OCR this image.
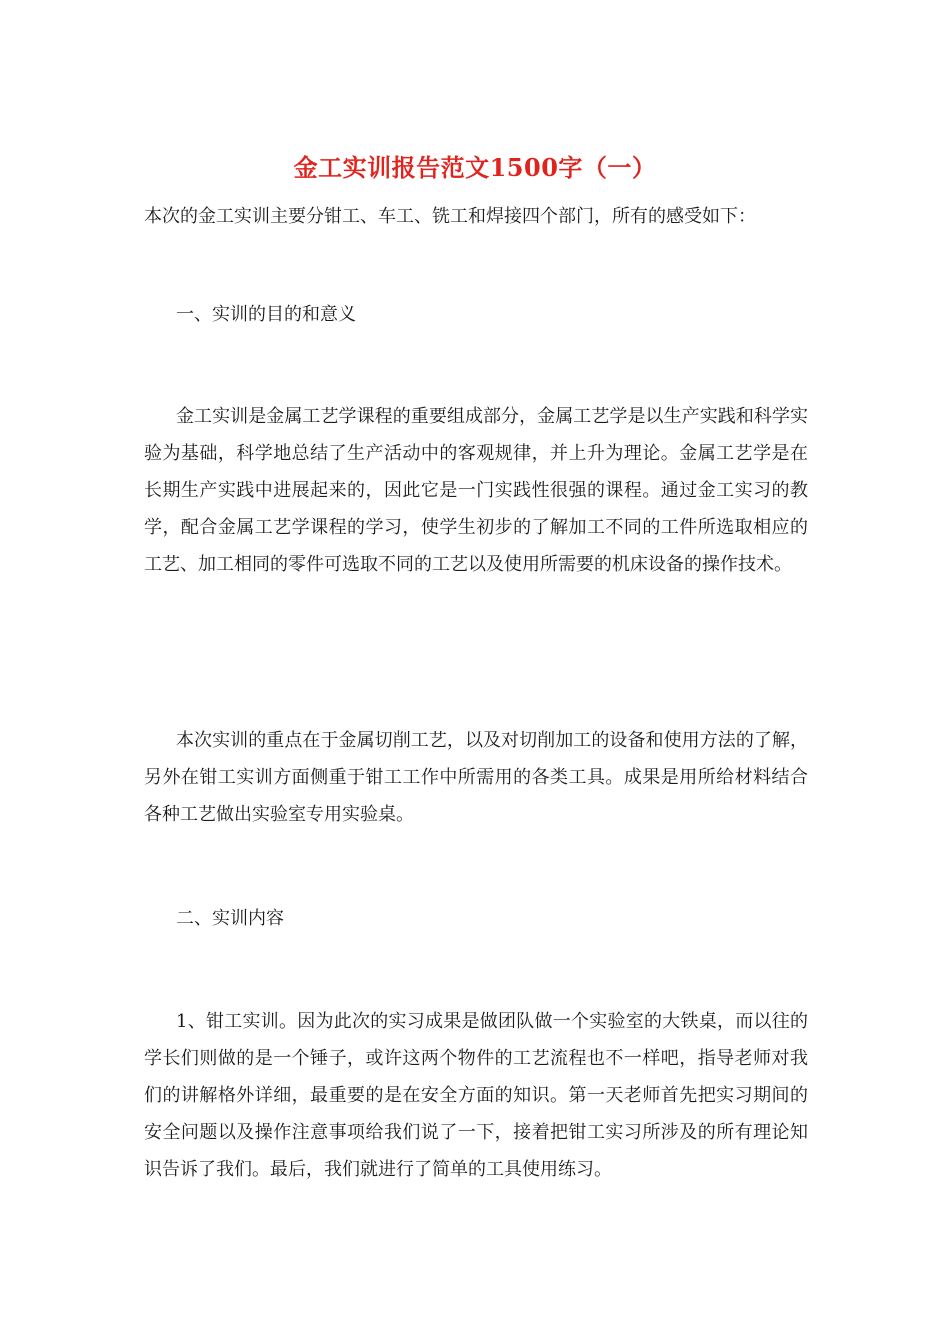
金工实训报告范文1500字（一）

本次的金工实训主要分钳工、车工、铣工和焊接四个部门，所有的感受如下：

一、实训的目的和意义

金工实训是金属工艺学课程的重要组成部分，金属工艺学是以生产实践和科学实验为基础，科学地总结了生产活动中的客观规律，并上升为理论。金属工艺学是在长期生产实践中进展起来的，因此它是一门实践性很强的课程。通过金工实习的教学，配合金属工艺学课程的学习，使学生初步的了解加工不同的工件所选取相应的工艺、加工相同的零件可选取不同的工艺以及使用所需要的机床设备的操作技术。

本次实训的重点在于金属切削工艺，以及对切削加工的设备和使用方法的了解，另外在钳工实训方面侧重于钳工工作中所需用的各类工具。成果是用所给材料结合各种工艺做出实验室专用实验桌。

二、实训内容

1、钳工实训。因为此次的实习成果是做团队做一个实验室的大铁桌，而以往的学长们则做的是一个锤子，或许这两个物件的工艺流程也不一样吧，指导老师对我们的讲解格外详细，最重要的是在安全方面的知识。第一天老师首先把实习期间的安全问题以及操作注意事项给我们说了一下，接着把钳工实习所涉及的所有理论知识告诉了我们。最后，我们就进行了简单的工具使用练习。
